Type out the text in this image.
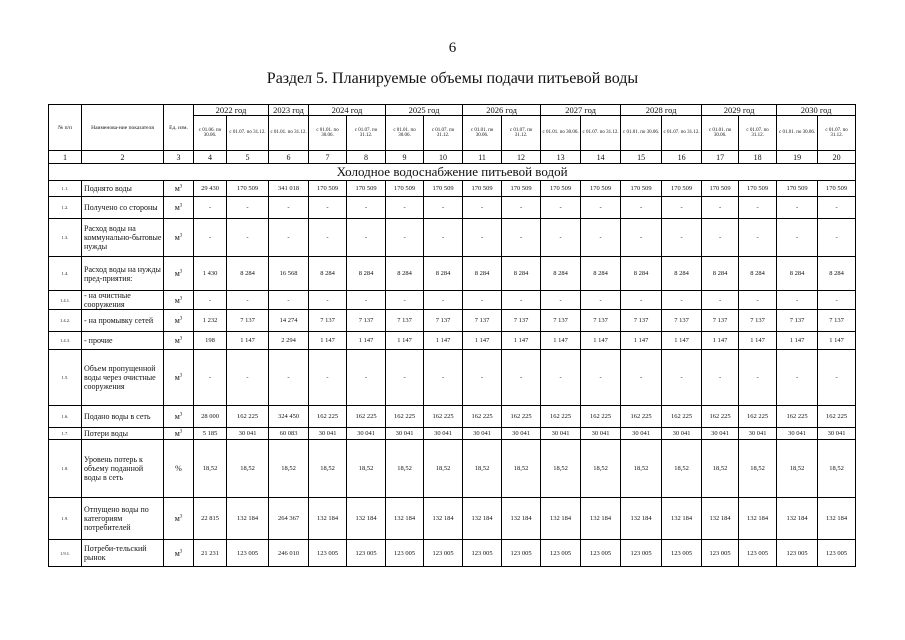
6
Раздел 5. Планируемые объемы подачи питьевой воды
№ п/п	Наименова-ние показателя	Ед. изм.	2022 год		2023 год	2024 год		2025 год		2026 год		2027 год		2028 год		2029 год		2030 год	
			с 01.06. по 30.06.	с 01.07. по 31.12.	с 01.01. по 31.12.	с 01.01. по 30.06.	с 01.07. по 31.12.	с 01.01. по 30.06.	с 01.07. по 31.12.	с 01.01. по 30.06.	с 01.07. по 31.12.	с 01.01. по 30.06.	с 01.07. по 31.12.	с 01.01. по 30.06.	с 01.07. по 31.12.	с 01.01. по 30.06.	с 01.07. по 31.12.	с 01.01. по 30.06.	с 01.07. по 31.12.
1	2	3	4	5	6	7	8	9	10	11	12	13	14	15	16	17	18	19	20
Холодное водоснабжение питьевой водой																			
1.1.	Поднято воды	$м^3$	29 430	170 509	341 018	170 509	170 509	170 509	170 509	170 509	170 509	170 509	170 509	170 509	170 509	170 509	170 509	170 509	170 509
1.2.	Получено со стороны	$м^3$	-	-	-	-	-	-	-	-	-	-	-	-	-	-	-	-	-
1.3.	Расход воды на коммунально-бытовые нужды	$м^3$	-	-	-	-	-	-	-	-	-	-	-	-	-	-	-	-	-
1.4.	Расход воды на нужды пред-приятия:	$м^3$	1 430	8 284	16 568	8 284	8 284	8 284	8 284	8 284	8 284	8 284	8 284	8 284	8 284	8 284	8 284	8 284	8 284
1.4.1.	- на очистные сооружения	$м^3$	-	-	-	-	-	-	-	-	-	-	-	-	-	-	-	-	-
1.4.2.	- на промывку сетей	$м^3$	1 232	7 137	14 274	7 137	7 137	7 137	7 137	7 137	7 137	7 137	7 137	7 137	7 137	7 137	7 137	7 137	7 137
1.4.3.	- прочие	$м^3$	198	1 147	2 294	1 147	1 147	1 147	1 147	1 147	1 147	1 147	1 147	1 147	1 147	1 147	1 147	1 147	1 147
1.5.	Объем пропущенной воды через очистные сооружения	$м^3$	-	-	-	-	-	-	-	-	-	-	-	-	-	-	-	-	-
1.6.	Подано воды в сеть	$м^3$	28 000	162 225	324 450	162 225	162 225	162 225	162 225	162 225	162 225	162 225	162 225	162 225	162 225	162 225	162 225	162 225	162 225
1.7.	Потери воды	$м^3$	5 185	30 041	60 083	30 041	30 041	30 041	30 041	30 041	30 041	30 041	30 041	30 041	30 041	30 041	30 041	30 041	30 041
1.8.	Уровень потерь к объему поданной воды в сеть	%	18,52	18,52	18,52	18,52	18,52	18,52	18,52	18,52	18,52	18,52	18,52	18,52	18,52	18,52	18,52	18,52	18,52
1.9.	Отпущено воды по категориям потребителей	$м^3$	22 815	132 184	264 367	132 184	132 184	132 184	132 184	132 184	132 184	132 184	132 184	132 184	132 184	132 184	132 184	132 184	132 184
1.9.1.	Потреби-тельский рынок	$м^3$	21 231	123 005	246 010	123 005	123 005	123 005	123 005	123 005	123 005	123 005	123 005	123 005	123 005	123 005	123 005	123 005	123 005
